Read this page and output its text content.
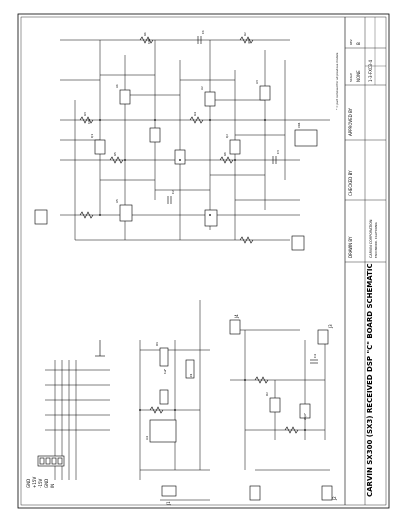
CARVIN SX300 (SX3) RECEIVED DSP "C" BOARD SCHEMATIC
DRAWN BY
CHECKED BY
APPROVED BY
CARVIN CORPORATION ESCONDIDO, CALIFORNIA
SCALE NONE 1-3-FXC3-4
REV B
* = part removed for all previous models
GND +15V -15V GND IN
J1
J4
J3
J2
U1
U2
U3
U4
U5
R1	R2
R3	R4
R5	R6
C1
C2
C3
C4
Q1	Q2
D1
D2
VR1
10K	47K
100
1uF
.01
22pF
